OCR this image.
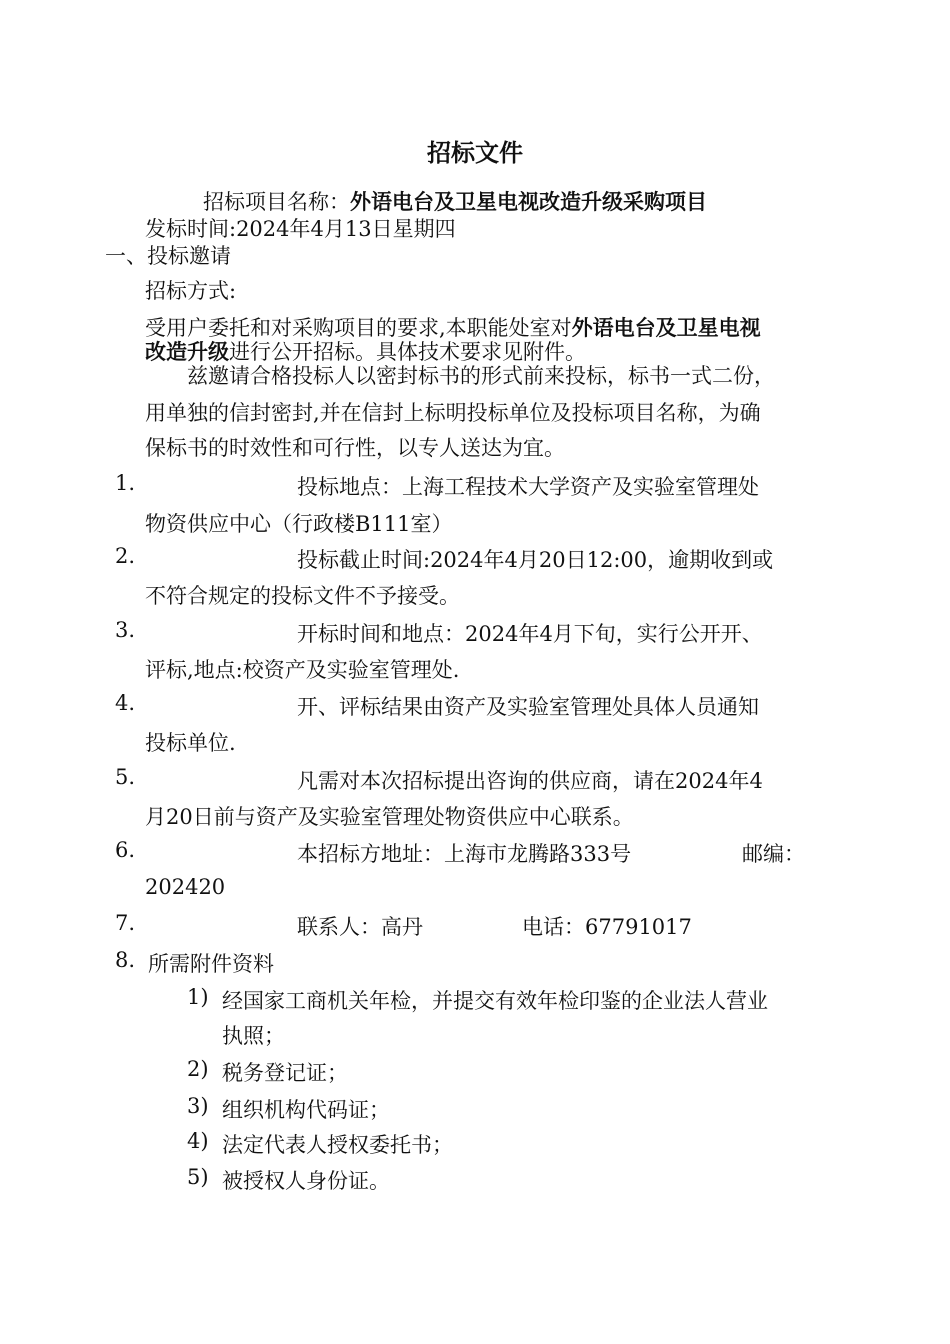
招标文件
招标项目名称：外语电台及卫星电视改造升级采购项目
发标时间:2024年4月13日星期四
一、投标邀请
招标方式:
受用户委托和对采购项目的要求,本职能处室对外语电台及卫星电视
改造升级进行公开招标。具体技术要求见附件。
兹邀请合格投标人以密封标书的形式前来投标，标书一式二份，
用单独的信封密封,并在信封上标明投标单位及投标项目名称，为确
保标书的时效性和可行性，以专人送达为宜。
1.	投标地点：上海工程技术大学资产及实验室管理处
物资供应中心（行政楼B111室）
2.	投标截止时间:2024年4月20日12:00，逾期收到或
不符合规定的投标文件不予接受。
3.	开标时间和地点：2024年4月下旬，实行公开开、
评标,地点:校资产及实验室管理处.
4.	开、评标结果由资产及实验室管理处具体人员通知
投标单位.
5.	凡需对本次招标提出咨询的供应商，请在2024年4
月20日前与资产及实验室管理处物资供应中心联系。
6.	本招标方地址：上海市龙腾路333号	邮编：
202420
7.	联系人：高丹	电话：67791017
8. 所需附件资料
1) 经国家工商机关年检，并提交有效年检印鉴的企业法人营业
执照；
2) 税务登记证；
3) 组织机构代码证；
4) 法定代表人授权委托书；
5) 被授权人身份证。
